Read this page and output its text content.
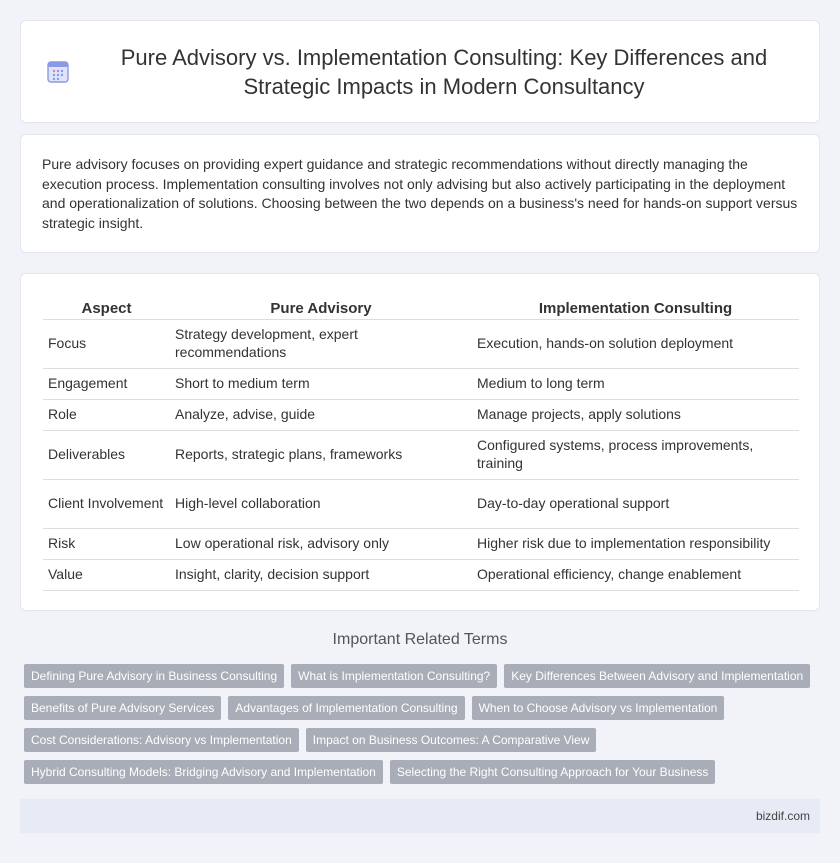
Pure Advisory vs. Implementation Consulting: Key Differences and Strategic Impacts in Modern Consultancy

Pure advisory focuses on providing expert guidance and strategic recommendations without directly managing the execution process. Implementation consulting involves not only advising but also actively participating in the deployment and operationalization of solutions. Choosing between the two depends on a business's need for hands-on support versus strategic insight.

Aspect	Pure Advisory	Implementation Consulting
Focus	Strategy development, expert recommendations	Execution, hands-on solution deployment
Engagement	Short to medium term	Medium to long term
Role	Analyze, advise, guide	Manage projects, apply solutions
Deliverables	Reports, strategic plans, frameworks	Configured systems, process improvements, training
Client Involvement	High-level collaboration	Day-to-day operational support
Risk	Low operational risk, advisory only	Higher risk due to implementation responsibility
Value	Insight, clarity, decision support	Operational efficiency, change enablement
Important Related Terms
Defining Pure Advisory in Business Consulting	What is Implementation Consulting?	Key Differences Between Advisory and Implementation
Benefits of Pure Advisory Services	Advantages of Implementation Consulting	When to Choose Advisory vs Implementation
Cost Considerations: Advisory vs Implementation	Impact on Business Outcomes: A Comparative View
Hybrid Consulting Models: Bridging Advisory and Implementation	Selecting the Right Consulting Approach for Your Business
bizdif.com
